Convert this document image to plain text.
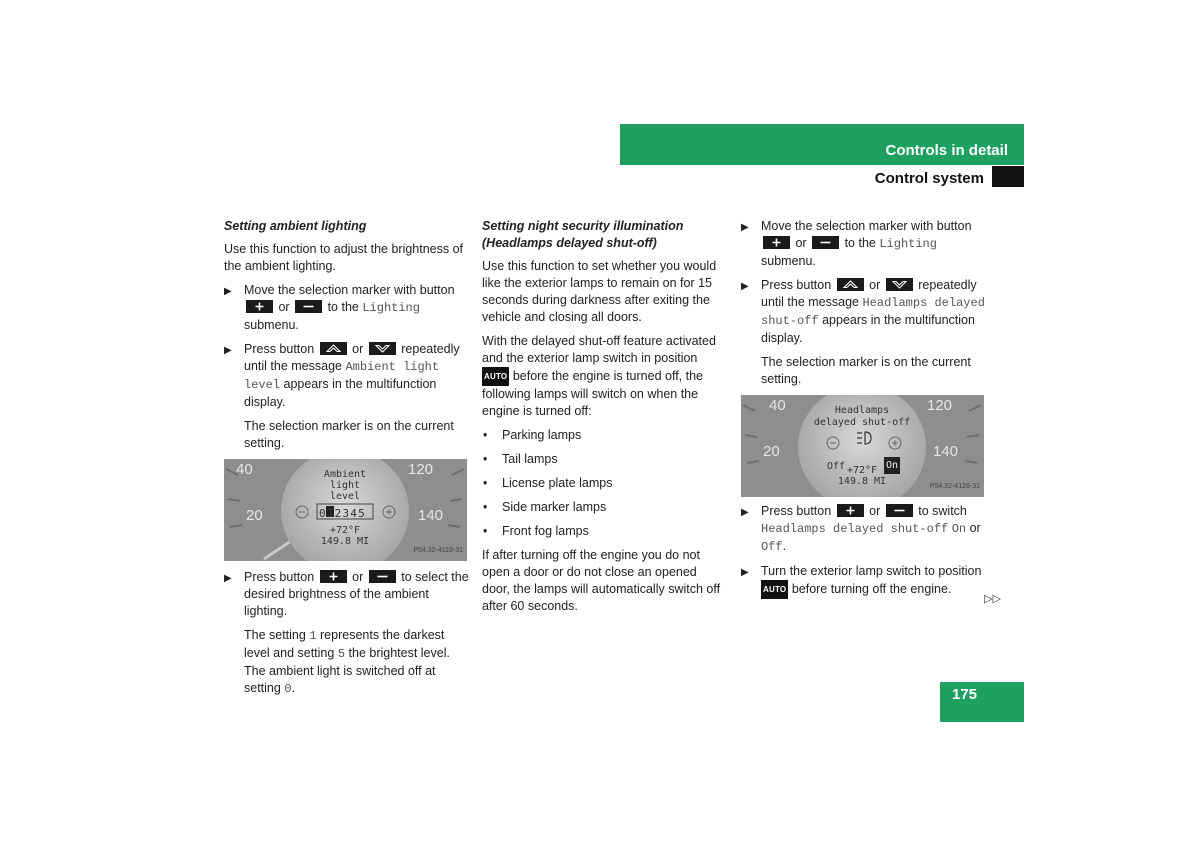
Controls in detail
Control system

Setting ambient lighting

Use this function to adjust the brightness of the ambient lighting.

▶ Move the selection marker with button
or	to the Lighting submenu.
▶ Press button	or	repeatedly until the message Ambient light level appears in the multifunction display.

The selection marker is on the current setting.

40
20
120
140
Ambient
light
level
012345
+72°F
149.8 MI
P54.32-4119-31
▶ Press button	or	to select the desired brightness of the ambient lighting.

The setting 1 represents the darkest level and setting 5 the brightest level. The ambient light is switched off at setting 0.

Setting night security illumination (Headlamps delayed shut-off)

Use this function to set whether you would like the exterior lamps to remain on for 15 seconds during darkness after exiting the vehicle and closing all doors.

With the delayed shut-off feature activated and the exterior lamp switch in position AUTO before the engine is turned off, the following lamps will switch on when the engine is turned off:

• Parking lamps
• Tail lamps
• License plate lamps
• Side marker lamps
• Front fog lamps

If after turning off the engine you do not open a door or do not close an opened door, the lamps will automatically switch off after 60 seconds.

▶ Move the selection marker with button
or	to the Lighting submenu.
▶ Press button	or	repeatedly until the message Headlamps delayed shut-off appears in the multifunction display.

The selection marker is on the current setting.

40
20
120
140
Headlamps
delayed shut-off
Off	On
+72°F
149.8 MI	P54.32-4126-31
▶ Press button	or	to switch Headlamps delayed shut-off On or Off.
▶ Turn the exterior lamp switch to position AUTO before turning off the engine.
▷▷
175
